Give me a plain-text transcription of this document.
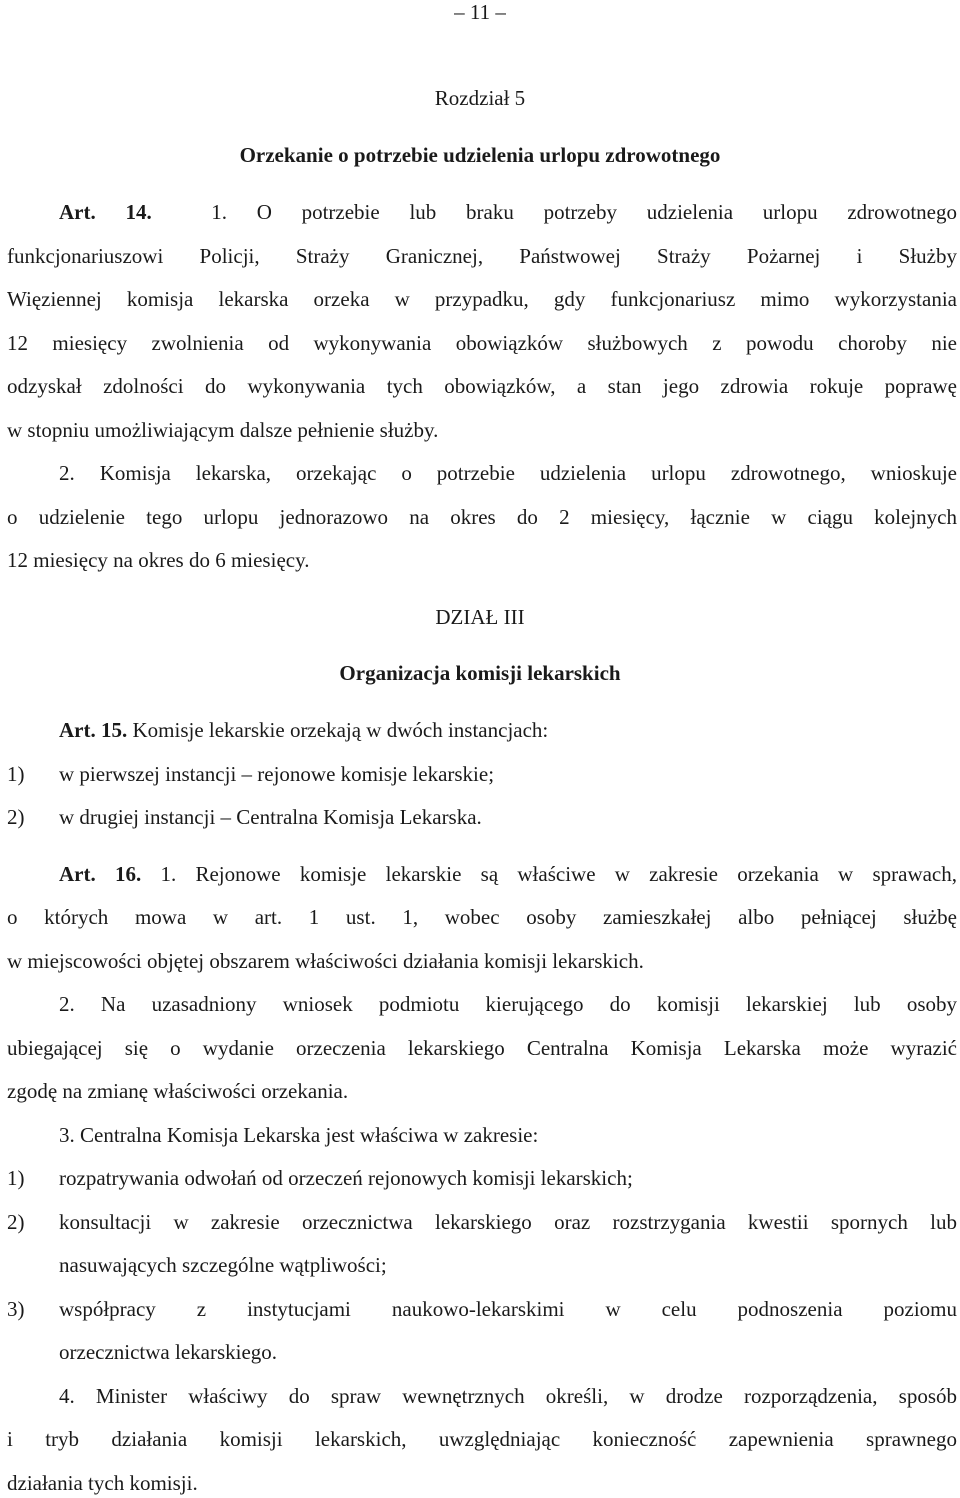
– 11 –
Rozdział 5
Orzekanie o potrzebie udzielenia urlopu zdrowotnego
Art. 14.	1. O potrzebie lub braku potrzeby udzielenia urlopu zdrowotnego
funkcjonariuszowi Policji, Straży Granicznej, Państwowej Straży Pożarnej i Służby
Więziennej komisja lekarska orzeka w przypadku, gdy funkcjonariusz mimo wykorzystania
12 miesięcy zwolnienia od wykonywania obowiązków służbowych z powodu choroby nie
odzyskał zdolności do wykonywania tych obowiązków, a stan jego zdrowia rokuje poprawę
w stopniu umożliwiającym dalsze pełnienie służby.
2. Komisja lekarska, orzekając o potrzebie udzielenia urlopu zdrowotnego, wnioskuje
o udzielenie tego urlopu jednorazowo na okres do 2 miesięcy, łącznie w ciągu kolejnych
12 miesięcy na okres do 6 miesięcy.
DZIAŁ III
Organizacja komisji lekarskich
Art. 15. Komisje lekarskie orzekają w dwóch instancjach:
1) w pierwszej instancji – rejonowe komisje lekarskie;
2) w drugiej instancji – Centralna Komisja Lekarska.
Art. 16. 1. Rejonowe komisje lekarskie są właściwe w zakresie orzekania w sprawach,
o których mowa w art. 1 ust. 1, wobec osoby zamieszkałej albo pełniącej służbę
w miejscowości objętej obszarem właściwości działania komisji lekarskich.
2. Na uzasadniony wniosek podmiotu kierującego do komisji lekarskiej lub osoby
ubiegającej się o wydanie orzeczenia lekarskiego Centralna Komisja Lekarska może wyrazić
zgodę na zmianę właściwości orzekania.
3. Centralna Komisja Lekarska jest właściwa w zakresie:
1) rozpatrywania odwołań od orzeczeń rejonowych komisji lekarskich;
2) konsultacji w zakresie orzecznictwa lekarskiego oraz rozstrzygania kwestii spornych lub
nasuwających szczególne wątpliwości;
3) współpracy z instytucjami naukowo-lekarskimi w celu podnoszenia poziomu
orzecznictwa lekarskiego.
4. Minister właściwy do spraw wewnętrznych określi, w drodze rozporządzenia, sposób
i tryb działania komisji lekarskich, uwzględniając konieczność zapewnienia sprawnego
działania tych komisji.
